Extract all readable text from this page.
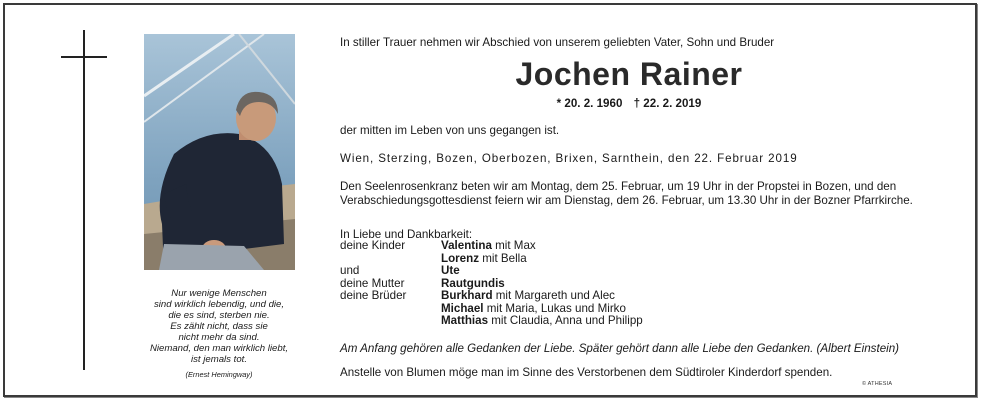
Nur wenige Menschen
sind wirklich lebendig, und die,
die es sind, sterben nie.
Es zählt nicht, dass sie
nicht mehr da sind.
Niemand, den man wirklich liebt,
ist jemals tot.
(Ernest Hemingway)
In stiller Trauer nehmen wir Abschied von unserem geliebten Vater, Sohn und Bruder
Jochen Rainer
* 20. 2. 1960 † 22. 2. 2019
der mitten im Leben von uns gegangen ist.
Wien, Sterzing, Bozen, Oberbozen, Brixen, Sarnthein, den 22. Februar 2019
Den Seelenrosenkranz beten wir am Montag, dem 25. Februar, um 19 Uhr in der Propstei in Bozen, und den Verabschiedungsgottesdienst feiern wir am Dienstag, dem 26. Februar, um 13.30 Uhr in der Bozner Pfarrkirche.
In Liebe und Dankbarkeit:
deine Kinder	Valentina mit Max
Lorenz mit Bella
und	Ute
deine Mutter	Rautgundis
deine Brüder	Burkhard mit Margareth und Alec
Michael mit Maria, Lukas und Mirko
Matthias mit Claudia, Anna und Philipp
Am Anfang gehören alle Gedanken der Liebe. Später gehört dann alle Liebe den Gedanken. (Albert Einstein)
Anstelle von Blumen möge man im Sinne des Verstorbenen dem Südtiroler Kinderdorf spenden.
© ATHESIA
